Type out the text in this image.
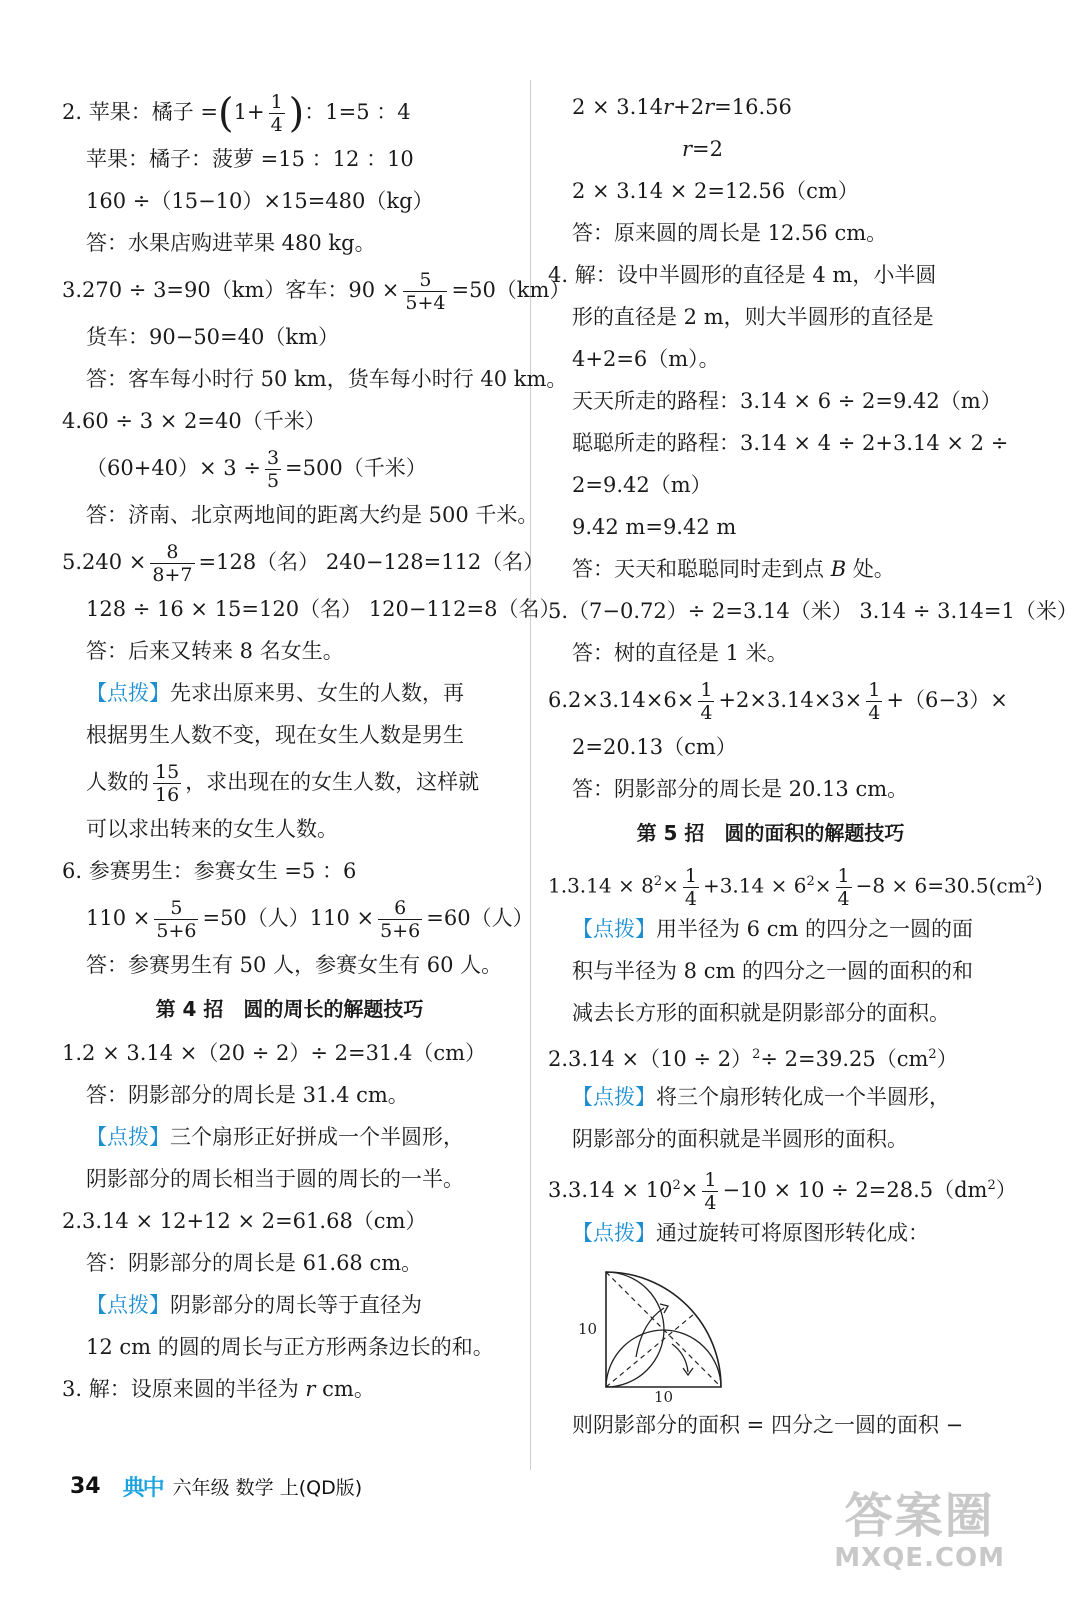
2. 苹果：橘子 $=(1+ \frac{1}{4}$ )：1=5 ：4
苹果：橘子：菠萝 =15 ：12 ：10
160 ÷（15−10）×15=480（kg）
答：水果店购进苹果 480 kg。
3.270 ÷ 3=90（km）客车：$90 \times \frac{5}{5+4} =50(km)$
货车：90−50=40（km）
答：客车每小时行 50 km，货车每小时行 40 km。
4.60 ÷ 3 × 2=40（千米）
$(60+40)\times 3 \div \frac{3}{5} =500$（千米）
答：济南、北京两地间的距离大约是 500 千米。
$5.240 \times \frac{8}{8+7} =128$（名） 240−128=112（名）
128 ÷ 16 × 15=120（名） 120−112=8（名）
答：后来又转来 8 名女生。
【点拨】先求出原来男、女生的人数，再
根据男生人数不变，现在女生人数是男生
人数的 $\frac{15}{16}$ ，求出现在的女生人数，这样就
可以求出转来的女生人数。
6. 参赛男生：参赛女生 =5 ：6
$110 \times \frac{5}{5+6} =50$（人）$110 \times \frac{6}{5+6} =60$（人）
答：参赛男生有 50 人，参赛女生有 60 人。
第 4 招　圆的周长的解题技巧
1.2 × 3.14 ×（20 ÷ 2）÷ 2=31.4（cm）
答：阴影部分的周长是 31.4 cm。
【点拨】三个扇形正好拼成一个半圆形，
阴影部分的周长相当于圆的周长的一半。
2.3.14 × 12+12 × 2=61.68（cm）
答：阴影部分的周长是 61.68 cm。
【点拨】阴影部分的周长等于直径为
12 cm 的圆的周长与正方形两条边长的和。
3. 解：设原来圆的半径为 r cm。
2 × 3.14r+2r=16.56
r=2
2 × 3.14 × 2=12.56（cm）
答：原来圆的周长是 12.56 cm。
4. 解：设中半圆形的直径是 4 m，小半圆
形的直径是 2 m，则大半圆形的直径是
4+2=6（m）。
天天所走的路程：3.14 × 6 ÷ 2=9.42（m）
聪聪所走的路程：3.14 × 4 ÷ 2+3.14 × 2 ÷
2=9.42（m）
9.42 m=9.42 m
答：天天和聪聪同时走到点 B 处。
5.（7−0.72）÷ 2=3.14（米） 3.14 ÷ 3.14=1（米）
答：树的直径是 1 米。
$6.2\times 3.14\times 6\times \frac{1}{4} +2\times 3.14\times 3\times \frac{1}{4} +(6-3)\times$
2=20.13（cm）
答：阴影部分的周长是 20.13 cm。
第 5 招　圆的面积的解题技巧
$1.3.14 \times 8^2\times \frac{1}{4} +3.14 \times 6^2\times \frac{1}{4} -8 \times 6=30.5(cm^2)$
【点拨】用半径为 6 cm 的四分之一圆的面
积与半径为 8 cm 的四分之一圆的面积的和
减去长方形的面积就是阴影部分的面积。
$2.3.14 \times(10 \div 2)^2\div 2=39.25(cm^2)$
【点拨】将三个扇形转化成一个半圆形，
阴影部分的面积就是半圆形的面积。
$3.3.14 \times 10^2\times \frac{1}{4} -10 \times 10 \div 2=28.5(dm^2)$
【点拨】通过旋转可将原图形转化成：
10
10
则阴影部分的面积 = 四分之一圆的面积 −
34 典中 六年级 数学 上(QD版)
答案圈
MXQE.COM
